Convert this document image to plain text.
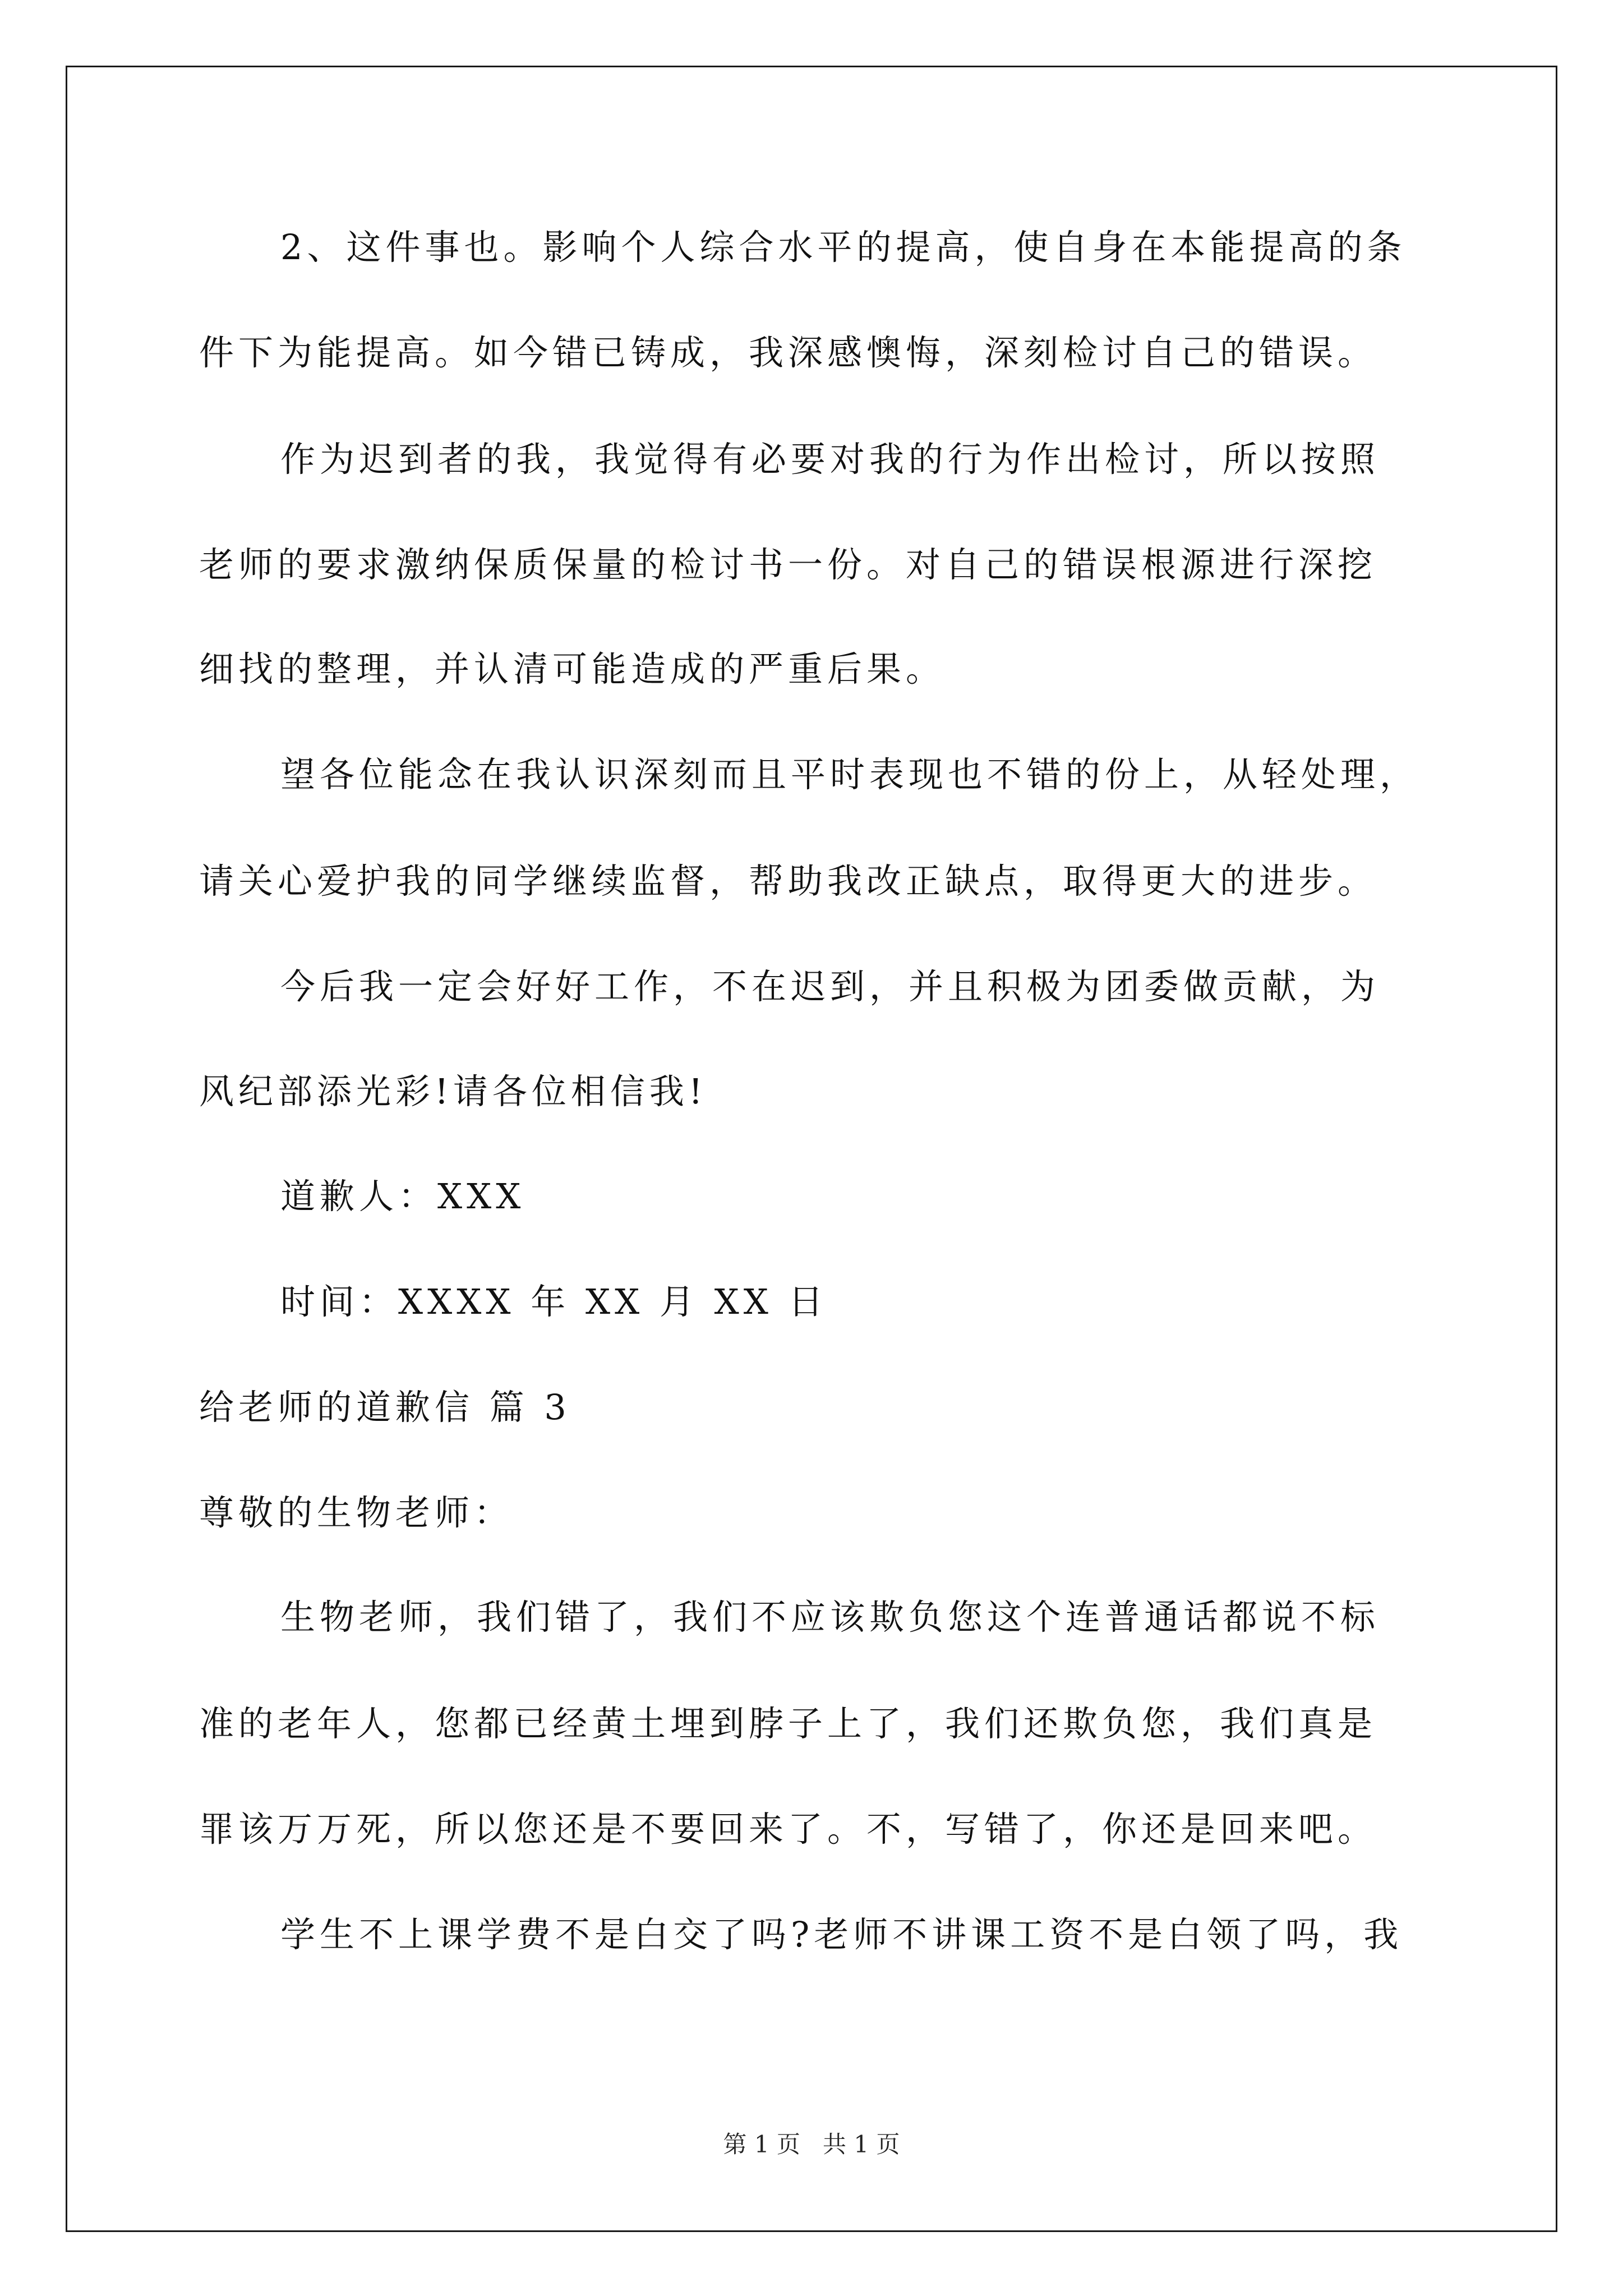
2、这件事也。影响个人综合水平的提高，使自身在本能提高的条
件下为能提高。如今错已铸成，我深感懊悔，深刻检讨自己的错误。
作为迟到者的我，我觉得有必要对我的行为作出检讨，所以按照
老师的要求激纳保质保量的检讨书一份。对自己的错误根源进行深挖
细找的整理，并认清可能造成的严重后果。
望各位能念在我认识深刻而且平时表现也不错的份上，从轻处理，
请关心爱护我的同学继续监督，帮助我改正缺点，取得更大的进步。
今后我一定会好好工作，不在迟到，并且积极为团委做贡献，为
风纪部添光彩!请各位相信我!
道歉人：XXX
时间：XXXX 年 XX 月 XX 日
给老师的道歉信 篇 3
尊敬的生物老师：
生物老师，我们错了，我们不应该欺负您这个连普通话都说不标
准的老年人，您都已经黄土埋到脖子上了，我们还欺负您，我们真是
罪该万万死，所以您还是不要回来了。不，写错了，你还是回来吧。
学生不上课学费不是白交了吗?老师不讲课工资不是白领了吗，我
第 1 页   共 1 页
